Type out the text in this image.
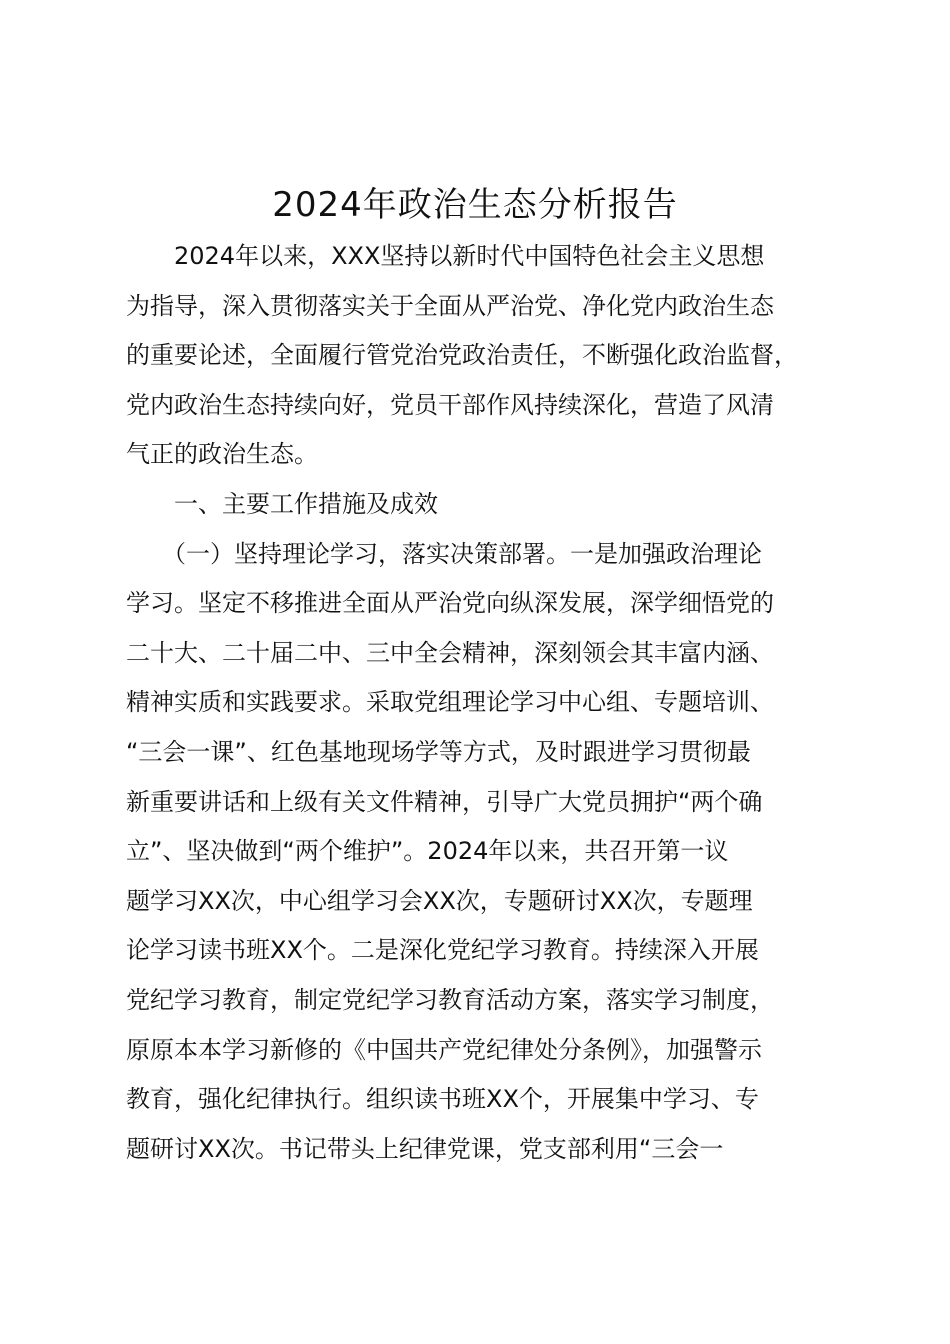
2024年政治生态分析报告
　　2024年以来，XXX坚持以新时代中国特色社会主义思想
为指导，深入贯彻落实关于全面从严治党、净化党内政治生态
的重要论述，全面履行管党治党政治责任，不断强化政治监督，
党内政治生态持续向好，党员干部作风持续深化，营造了风清
气正的政治生态。
　　一、主要工作措施及成效
　　（一）坚持理论学习，落实决策部署。一是加强政治理论
学习。坚定不移推进全面从严治党向纵深发展，深学细悟党的
二十大、二十届二中、三中全会精神，深刻领会其丰富内涵、
精神实质和实践要求。采取党组理论学习中心组、专题培训、
“三会一课”、红色基地现场学等方式，及时跟进学习贯彻最
新重要讲话和上级有关文件精神，引导广大党员拥护“两个确
立”、坚决做到“两个维护”。2024年以来，共召开第一议
题学习XX次，中心组学习会XX次，专题研讨XX次，专题理
论学习读书班XX个。二是深化党纪学习教育。持续深入开展
党纪学习教育，制定党纪学习教育活动方案，落实学习制度，
原原本本学习新修的《中国共产党纪律处分条例》，加强警示
教育，强化纪律执行。组织读书班XX个，开展集中学习、专
题研讨XX次。书记带头上纪律党课，党支部利用“三会一
